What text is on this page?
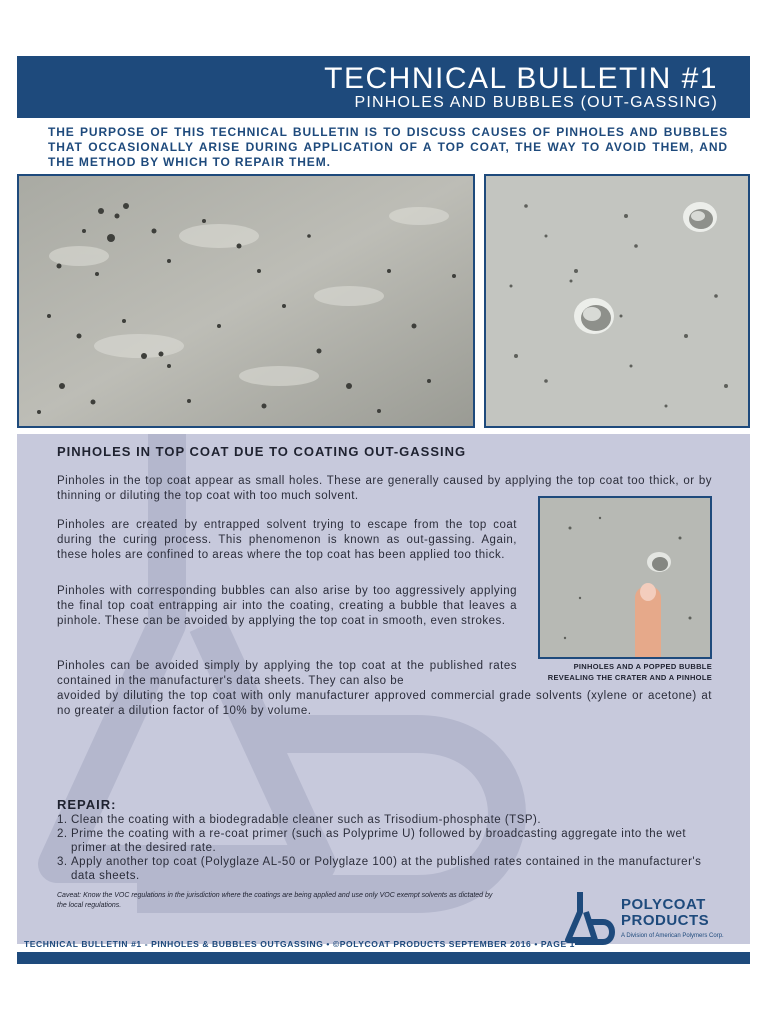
TECHNICAL BULLETIN #1
PINHOLES AND BUBBLES (OUT-GASSING)
THE PURPOSE OF THIS TECHNICAL BULLETIN IS TO DISCUSS CAUSES OF PINHOLES AND BUBBLES THAT OCCASIONALLY ARISE DURING APPLICATION OF A TOP COAT, THE WAY TO AVOID THEM, AND THE METHOD BY WHICH TO REPAIR THEM.
PINHOLES IN TOP COAT DUE TO COATING OUT-GASSING
Pinholes in the top coat appear as small holes. These are generally caused by applying the top coat too thick, or by thinning or diluting the top coat with too much solvent.
Pinholes are created by entrapped solvent trying to escape from the top coat during the curing process. This phenomenon is known as out-gassing. Again, these holes are confined to areas where the top coat has been applied too thick.
Pinholes with corresponding bubbles can also arise by too aggressively applying the final top coat entrapping air into the coating, creating a bubble that leaves a pinhole. These can be avoided by applying the top coat in smooth, even strokes.
Pinholes can be avoided simply by applying the top coat at the published rates contained in the manufacturer's data sheets. They can also be
avoided by diluting the top coat with only manufacturer approved commercial grade solvents (xylene or acetone) at no greater a dilution factor of 10% by volume.
PINHOLES AND A POPPED BUBBLE
REVEALING THE CRATER AND A PINHOLE
REPAIR:
1. Clean the coating with a biodegradable cleaner such as Trisodium-phosphate (TSP).
2. Prime the coating with a re-coat primer (such as Polyprime U) followed by broadcasting aggregate into the wet primer at the desired rate.
3. Apply another top coat (Polyglaze AL-50 or Polyglaze 100) at the published rates contained in the manufacturer's data sheets.
Caveat: Know the VOC regulations in the jurisdiction where the coatings are being applied and use only VOC exempt solvents as dictated by the local regulations.	POLYCOAT
PRODUCTS
A Division of American Polymers Corp.
TECHNICAL BULLETIN #1 - PINHOLES & BUBBLES OUTGASSING • ©POLYCOAT PRODUCTS SEPTEMBER 2016 • PAGE 1
